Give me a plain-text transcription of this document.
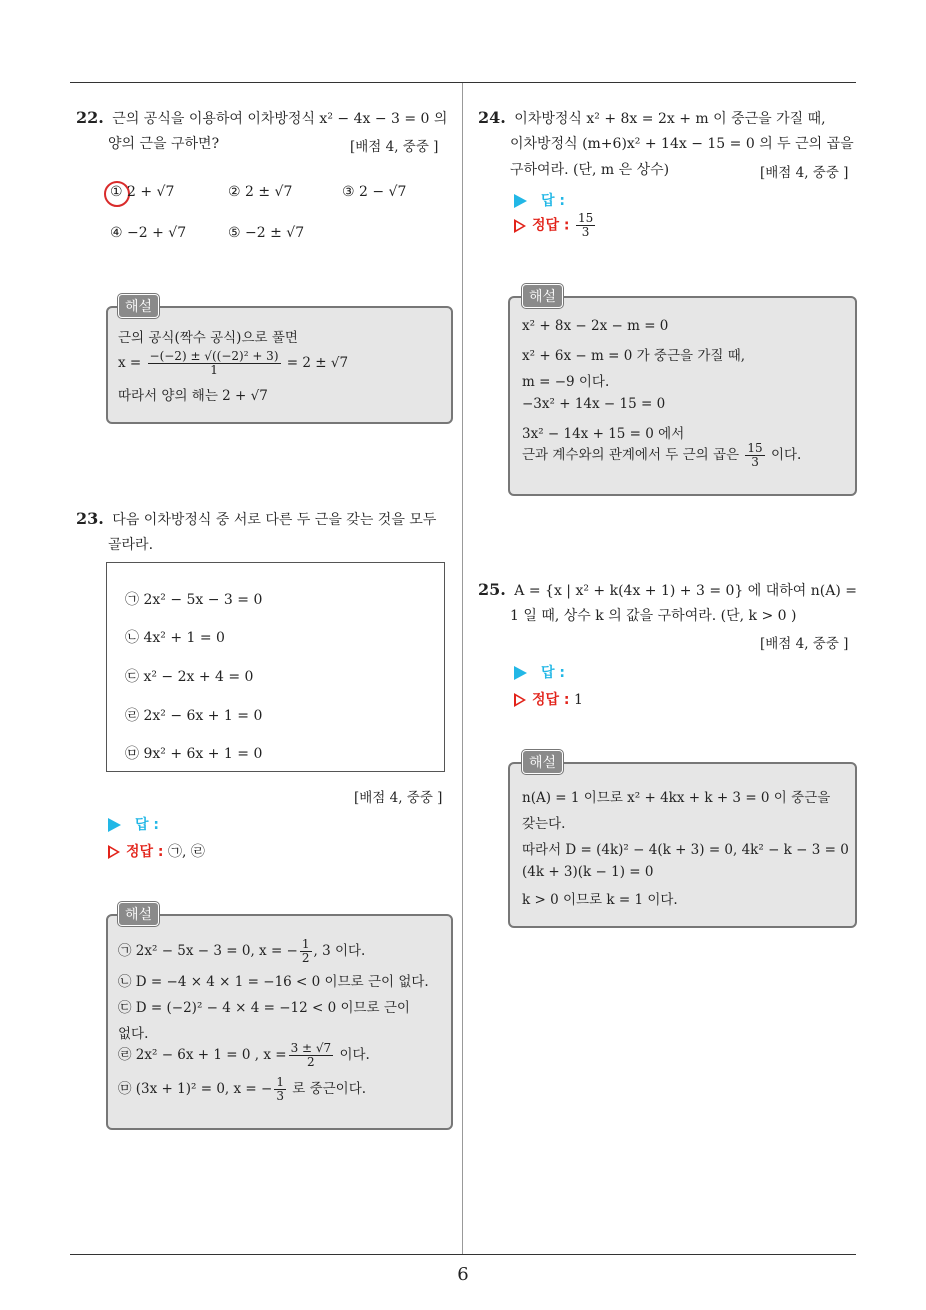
6
22. 근의 공식을 이용하여 이차방정식 x² − 4x − 3 = 0 의
양의 근을 구하면?	[배점 4, 중중 ]
① 2 + √7	② 2 ± √7	③ 2 − √7
④ −2 + √7	⑤ −2 ± √7
해설
근의 공식(짝수 공식)으로 풀면
$x = \frac{\text{−(−2) ± √((−2)² + 3)}}{1} = 2 \pm √7$
따라서 양의 해는 2 + √7
23. 다음 이차방정식 중 서로 다른 두 근을 갖는 것을 모두
골라라.
㉠ 2x² − 5x − 3 = 0
㉡ 4x² + 1 = 0
㉢ x² − 2x + 4 = 0
㉣ 2x² − 6x + 1 = 0
㉤ 9x² + 6x + 1 = 0
[배점 4, 중중 ]
답 :
정답 : ㉠, ㉣
해설
㉠ 2x² − 5x − 3 = 0, x = − $\frac{1}{2}$ , 3 이다.
㉡ D = −4 × 4 × 1 = −16 < 0 이므로 근이 없다.
㉢ D = (−2)² − 4 × 4 = −12 < 0 이므로 근이
없다.
㉣ 2x² − 6x + 1 = 0 , $x = \frac{3 \pm √7}{2}$ 이다.
㉤ (3x + 1)² = 0, x = − $\frac{1}{3}$ 로 중근이다.
24. 이차방정식 x² + 8x = 2x + m 이 중근을 가질 때,
이차방정식 (m+6)x² + 14x − 15 = 0 의 두 근의 곱을
구하여라. (단, m 은 상수)	[배점 4, 중중 ]
답 :
정답 : $\frac{15}{3}$
해설
x² + 8x − 2x − m = 0
x² + 6x − m = 0 가 중근을 가질 때,
m = −9 이다.
−3x² + 14x − 15 = 0
3x² − 14x + 15 = 0 에서
근과 계수와의 관계에서 두 근의 곱은 $\frac{15}{3}$ 이다.
25. A = {x | x² + k(4x + 1) + 3 = 0} 에 대하여 n(A) =
1 일 때, 상수 k 의 값을 구하여라. (단, k > 0 )
[배점 4, 중중 ]
답 :
정답 : 1
해설
n(A) = 1 이므로 x² + 4kx + k + 3 = 0 이 중근을
갖는다.
따라서 D = (4k)² − 4(k + 3) = 0, 4k² − k − 3 = 0
(4k + 3)(k − 1) = 0
k > 0 이므로 k = 1 이다.
